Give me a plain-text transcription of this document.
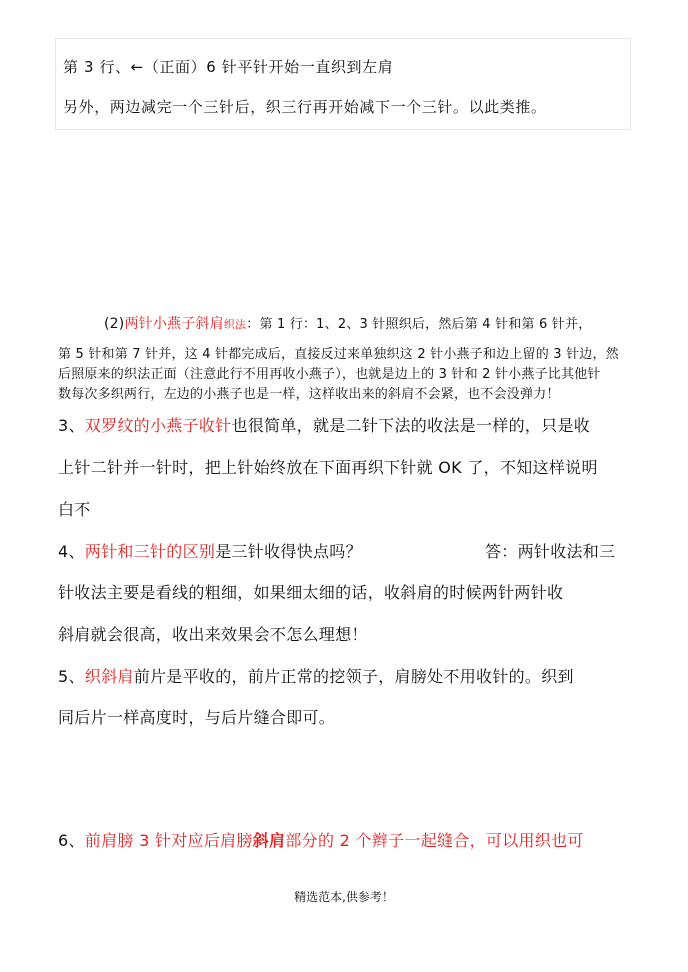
第 3 行、←（正面）6 针平针开始一直织到左肩
另外，两边减完一个三针后，织三行再开始减下一个三针。以此类推。
(2)两针小燕子斜肩织法：第 1 行：1、2、3 针照织后，然后第 4 针和第 6 针并，
第 5 针和第 7 针并，这 4 针都完成后，直接反过来单独织这 2 针小燕子和边上留的 3 针边，然
后照原来的织法正面（注意此行不用再收小燕子），也就是边上的 3 针和 2 针小燕子比其他针
数每次多织两行，左边的小燕子也是一样，这样收出来的斜肩不会紧，也不会没弹力！
3、双罗纹的小燕子收针也很简单，就是二针下法的收法是一样的，只是收
上针二针并一针时，把上针始终放在下面再织下针就 OK 了，不知这样说明
白不
4、两针和三针的区别是三针收得快点吗？	答：两针收法和三
针收法主要是看线的粗细，如果细太细的话，收斜肩的时候两针两针收
斜肩就会很高，收出来效果会不怎么理想！
5、织斜肩前片是平收的，前片正常的挖领子，肩膀处不用收针的。织到
同后片一样高度时，与后片缝合即可。
6、前肩膀 3 针对应后肩膀斜肩部分的 2 个辫子一起缝合，可以用织也可
精选范本,供参考！
